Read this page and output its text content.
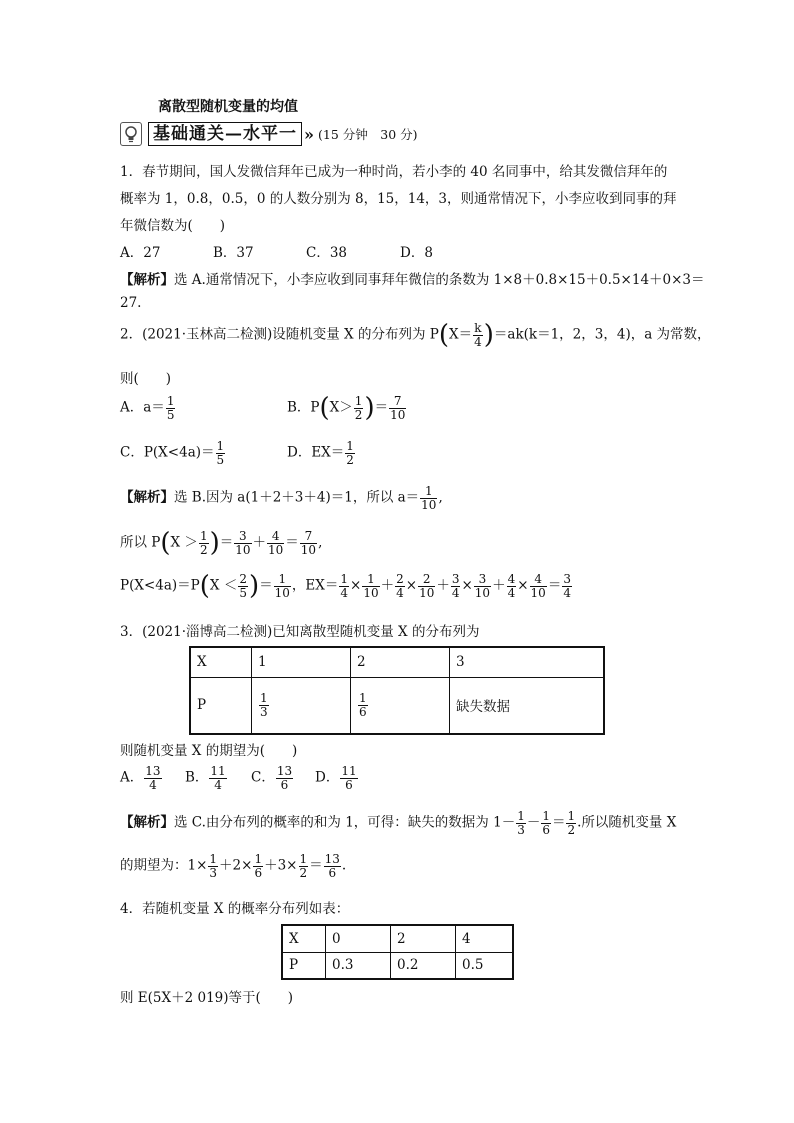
离散型随机变量的均值
基础通关—水平一 » (15 分钟　30 分)
1．春节期间，国人发微信拜年已成为一种时尚，若小李的 40 名同事中，给其发微信拜年的
概率为 1，0.8，0.5，0 的人数分别为 8，15，14，3，则通常情况下，小李应收到同事的拜
年微信数为(　　)
A．27	B．37	C．38	D．8
【解析】选 A.通常情况下，小李应收到同事拜年微信的条数为 1×8＋0.8×15＋0.5×14＋0×3＝
27.
2．(2021·玉林高二检测)设随机变量 X 的分布列为 $P(X= \frac{k}{4} )=ak(k=1$，2，3，4)，a 为常数，
则(　　)
A．$a= \frac{1}{5}$	B．$P(X> \frac{1}{2}$ )＝ $\frac{7}{10}$
C．$P(X<4a)= \frac{1}{5}$	D．$EX= \frac{1}{2}$
【解析】选 B.因为 a(1＋2＋3＋4)＝1，所以 $a= \frac{1}{10}$ ,
所以 $P(X > \frac{1}{2}$ )＝ $\frac{3}{10} + \frac{4}{10} = \frac{7}{10}$ ,
$P(X<4a)=P(X < \frac{2}{5}$ )＝ $\frac{1}{10}$ ，$EX= \frac{1}{4} \times \frac{1}{10} + \frac{2}{4} \times \frac{2}{10} + \frac{3}{4} \times \frac{3}{10} + \frac{4}{4} \times \frac{4}{10} = \frac{3}{4}$
3．(2021·淄博高二检测)已知离散型随机变量 X 的分布列为
X	1	2	3
P	$\frac{1}{3}$	$\frac{1}{6}$	缺失数据
则随机变量 X 的期望为(　　)
A． $\frac{13}{4}$ B． $\frac{11}{4}$ C． $\frac{13}{6}$ D． $\frac{11}{6}$
【解析】选 C.由分布列的概率的和为 1，可得：缺失的数据为 $1- \frac{1}{3} - \frac{1}{6} = \frac{1}{2}$ .所以随机变量 X
的期望为：$1\times \frac{1}{3} +2\times \frac{1}{6} +3\times \frac{1}{2} = \frac{13}{6}$ .
4．若随机变量 X 的概率分布列如表：
X	0	2	4
P	0.3	0.2	0.5
则 E(5X＋2 019)等于(　　)
